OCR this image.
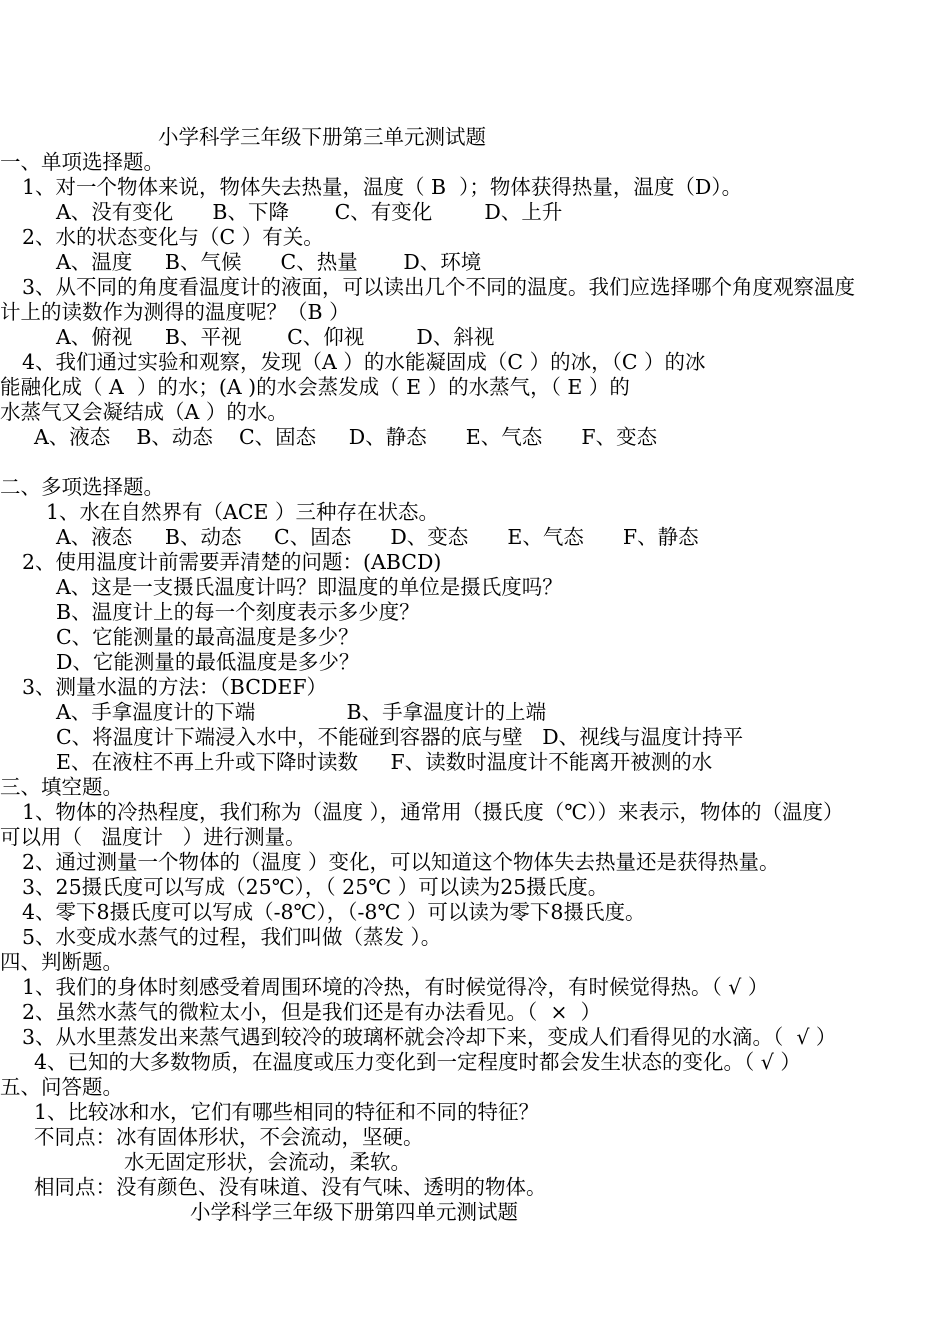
小学科学三年级下册第三单元测试题
一、单项选择题。
1、对一个物体来说，物体失去热量，温度（ B  ）；物体获得热量，温度（D）。
A、没有变化      B、下降       C、有变化        D、上升
2、水的状态变化与（C ）有关。
A、温度     B、气候      C、热量       D、环境
3、从不同的角度看温度计的液面，可以读出几个不同的温度。我们应选择哪个角度观察温度
计上的读数作为测得的温度呢？（B ）
A、俯视     B、平视       C、仰视        D、斜视
4、我们通过实验和观察，发现（A ）的水能凝固成（C ）的冰，（C ）的冰
能融化成（ A  ）的水；(A )的水会蒸发成（ E ）的水蒸气，（ E ）的
水蒸气又会凝结成（A ）的水。
A、液态    B、动态    C、固态     D、静态      E、气态      F、变态
二、多项选择题。
1、水在自然界有（ACE ）三种存在状态。
A、液态     B、动态     C、固态      D、变态      E、气态      F、静态
2、使用温度计前需要弄清楚的问题：(ABCD)
A、这是一支摄氏温度计吗？即温度的单位是摄氏度吗？
B、温度计上的每一个刻度表示多少度？
C、它能测量的最高温度是多少？
D、它能测量的最低温度是多少？
3、测量水温的方法：（BCDEF）
A、手拿温度计的下端              B、手拿温度计的上端
C、将温度计下端浸入水中，不能碰到容器的底与壁   D、视线与温度计持平
E、在液柱不再上升或下降时读数     F、读数时温度计不能离开被测的水
三、填空题。
1、物体的冷热程度，我们称为（温度 ），通常用（摄氏度（℃））来表示，物体的（温度）
可以用（   温度计   ）进行测量。
2、通过测量一个物体的（温度 ）变化，可以知道这个物体失去热量还是获得热量。
3、25摄氏度可以写成（25℃），（ 25℃ ）可以读为25摄氏度。
4、零下8摄氏度可以写成（-8℃），（-8℃ ）可以读为零下8摄氏度。
5、水变成水蒸气的过程，我们叫做（蒸发 ）。
四、判断题。
1、我们的身体时刻感受着周围环境的冷热，有时候觉得冷，有时候觉得热。（ √ ）
2、虽然水蒸气的微粒太小，但是我们还是有办法看见。（  ×  ）
3、从水里蒸发出来蒸气遇到较冷的玻璃杯就会冷却下来，变成人们看得见的水滴。（  √ ）
4、已知的大多数物质，在温度或压力变化到一定程度时都会发生状态的变化。（ √ ）
五、问答题。
1、比较冰和水，它们有哪些相同的特征和不同的特征？
不同点：冰有固体形状，不会流动，坚硬。
水无固定形状，会流动，柔软。
相同点：没有颜色、没有味道、没有气味、透明的物体。
小学科学三年级下册第四单元测试题
